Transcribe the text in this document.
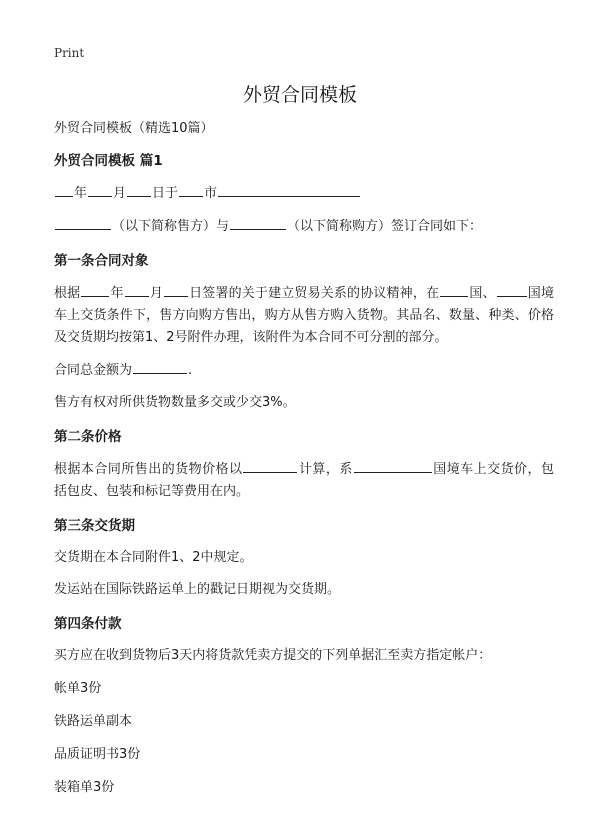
Print
外贸合同模板

外贸合同模板（精选10篇）

外贸合同模板 篇1

年 月 日于 市

（以下简称售方）与	（以下简称购方）签订合同如下：

第一条合同对象

根据 年 月 日签署的关于建立贸易关系的协议精神，在 国、 国境车上交货条件下，售方向购方售出，购方从售方购入货物。其品名、数量、种类、价格及交货期均按第1、2号附件办理，该附件为本合同不可分割的部分。

合同总金额为	.

售方有权对所供货物数量多交或少交3%。

第二条价格

根据本合同所售出的货物价格以	计算，系	国境车上交货价，包括包皮、包装和标记等费用在内。

第三条交货期

交货期在本合同附件1、2中规定。

发运站在国际铁路运单上的戳记日期视为交货期。

第四条付款

买方应在收到货物后3天内将货款凭卖方提交的下列单据汇至卖方指定帐户：

帐单3份

铁路运单副本

品质证明书3份

装箱单3份
